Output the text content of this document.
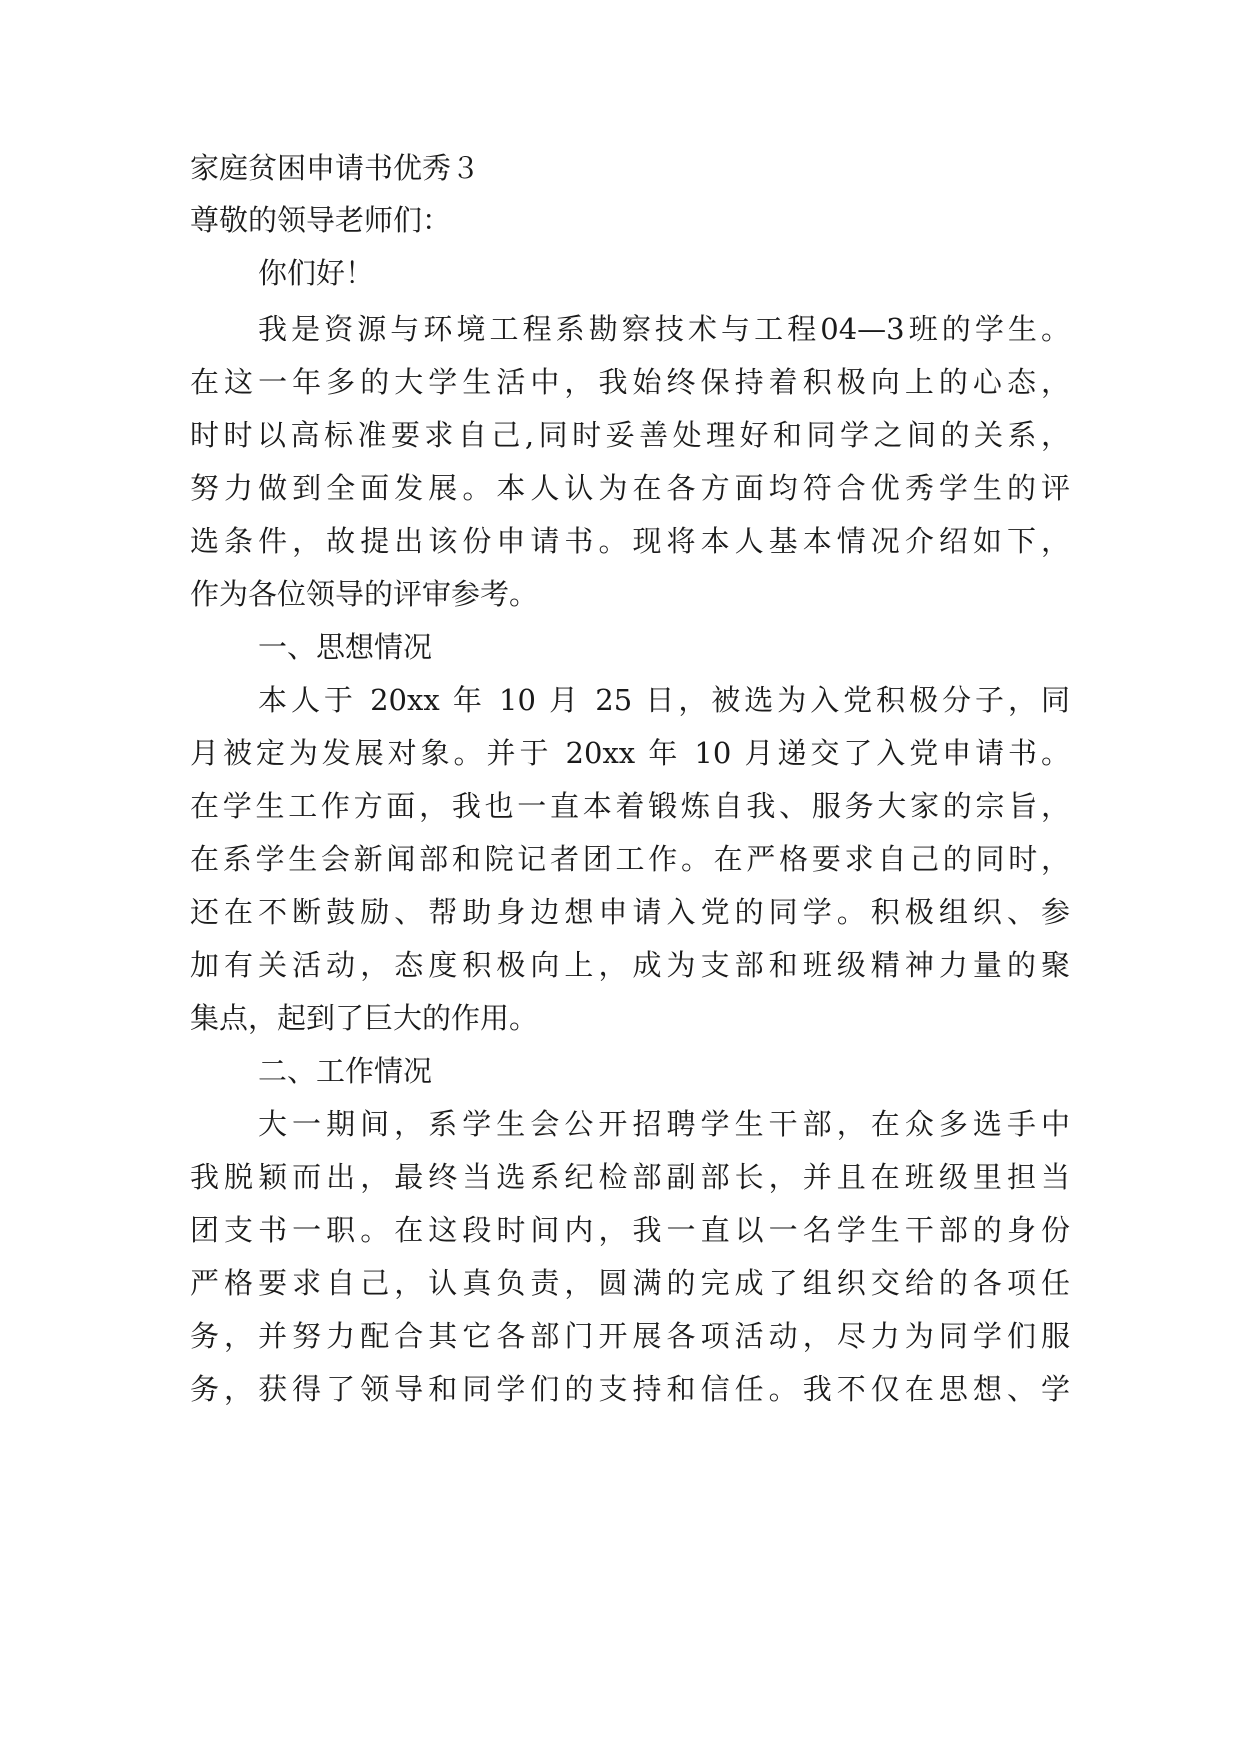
家庭贫困申请书优秀３
尊敬的领导老师们：
你们好！
我是资源与环境工程系勘察技术与工程04—3班的学生。
在这一年多的大学生活中，我始终保持着积极向上的心态，
时时以高标准要求自己,同时妥善处理好和同学之间的关系，
努力做到全面发展。本人认为在各方面均符合优秀学生的评
选条件，故提出该份申请书。现将本人基本情况介绍如下，
作为各位领导的评审参考。
一、思想情况
本人于 20xx 年 10 月 25 日，被选为入党积极分子，同
月被定为发展对象。并于 20xx 年 10 月递交了入党申请书。
在学生工作方面，我也一直本着锻炼自我、服务大家的宗旨，
在系学生会新闻部和院记者团工作。在严格要求自己的同时，
还在不断鼓励、帮助身边想申请入党的同学。积极组织、参
加有关活动，态度积极向上，成为支部和班级精神力量的聚
集点，起到了巨大的作用。
二、工作情况
大一期间，系学生会公开招聘学生干部，在众多选手中
我脱颖而出，最终当选系纪检部副部长，并且在班级里担当
团支书一职。在这段时间内，我一直以一名学生干部的身份
严格要求自己，认真负责，圆满的完成了组织交给的各项任
务，并努力配合其它各部门开展各项活动，尽力为同学们服
务，获得了领导和同学们的支持和信任。我不仅在思想、学
